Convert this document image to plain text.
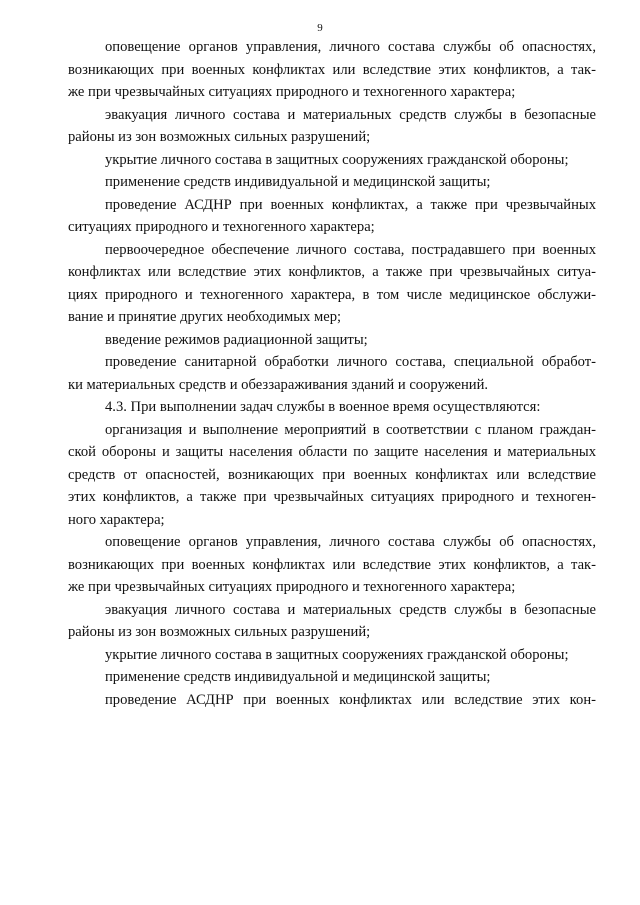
9
оповещение органов управления, личного состава службы об опасностях,
возникающих при военных конфликтах или вследствие этих конфликтов, а так-
же при чрезвычайных ситуациях природного и техногенного характера;
эвакуация личного состава и материальных средств службы в безопасные
районы из зон возможных сильных разрушений;
укрытие личного состава в защитных сооружениях гражданской обороны;
применение средств индивидуальной и медицинской защиты;
проведение АСДНР при военных конфликтах, а также при чрезвычайных
ситуациях природного и техногенного характера;
первоочередное обеспечение личного состава, пострадавшего при военных
конфликтах или вследствие этих конфликтов, а также при чрезвычайных ситуа-
циях природного и техногенного характера, в том числе медицинское обслужи-
вание и принятие других необходимых мер;
введение режимов радиационной защиты;
проведение санитарной обработки личного состава, специальной обработ-
ки материальных средств и обеззараживания зданий и сооружений.
4.3. При выполнении задач службы в военное время осуществляются:
организация и выполнение мероприятий в соответствии с планом граждан-
ской обороны и защиты населения области по защите населения и материальных
средств от опасностей, возникающих при военных конфликтах или вследствие
этих конфликтов, а также при чрезвычайных ситуациях природного и техноген-
ного характера;
оповещение органов управления, личного состава службы об опасностях,
возникающих при военных конфликтах или вследствие этих конфликтов, а так-
же при чрезвычайных ситуациях природного и техногенного характера;
эвакуация личного состава и материальных средств службы в безопасные
районы из зон возможных сильных разрушений;
укрытие личного состава в защитных сооружениях гражданской обороны;
применение средств индивидуальной и медицинской защиты;
проведение АСДНР при военных конфликтах или вследствие этих кон-
